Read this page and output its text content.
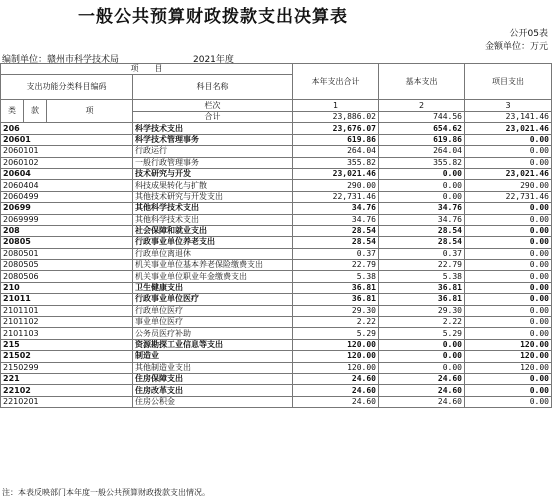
一般公共预算财政拨款支出决算表
公开05表
金额单位：万元
编制单位：赣州市科学技术局	2021年度
项　　目				本年支出合计	基本支出	项目支出
支出功能分类科目编码			科目名称			

类	款	项	栏次	1	2	3
			合计	23,886.02	744.56	23,141.46
206			科学技术支出	23,676.07	654.62	23,021.46
20601			科学技术管理事务	619.86	619.86	0.00
2060101			行政运行	264.04	264.04	0.00
2060102			一般行政管理事务	355.82	355.82	0.00
20604			技术研究与开发	23,021.46	0.00	23,021.46
2060404			科技成果转化与扩散	290.00	0.00	290.00
2060499			其他技术研究与开发支出	22,731.46	0.00	22,731.46
20699			其他科学技术支出	34.76	34.76	0.00
2069999			其他科学技术支出	34.76	34.76	0.00
208			社会保障和就业支出	28.54	28.54	0.00
20805			行政事业单位养老支出	28.54	28.54	0.00
2080501			行政单位离退休	0.37	0.37	0.00
2080505			机关事业单位基本养老保险缴费支出	22.79	22.79	0.00
2080506			机关事业单位职业年金缴费支出	5.38	5.38	0.00
210			卫生健康支出	36.81	36.81	0.00
21011			行政事业单位医疗	36.81	36.81	0.00
2101101			行政单位医疗	29.30	29.30	0.00
2101102			事业单位医疗	2.22	2.22	0.00
2101103			公务员医疗补助	5.29	5.29	0.00
215			资源勘探工业信息等支出	120.00	0.00	120.00
21502			制造业	120.00	0.00	120.00
2150299			其他制造业支出	120.00	0.00	120.00
221			住房保障支出	24.60	24.60	0.00
22102			住房改革支出	24.60	24.60	0.00
2210201			住房公积金	24.60	24.60	0.00
注：本表反映部门本年度一般公共预算财政拨款支出情况。
